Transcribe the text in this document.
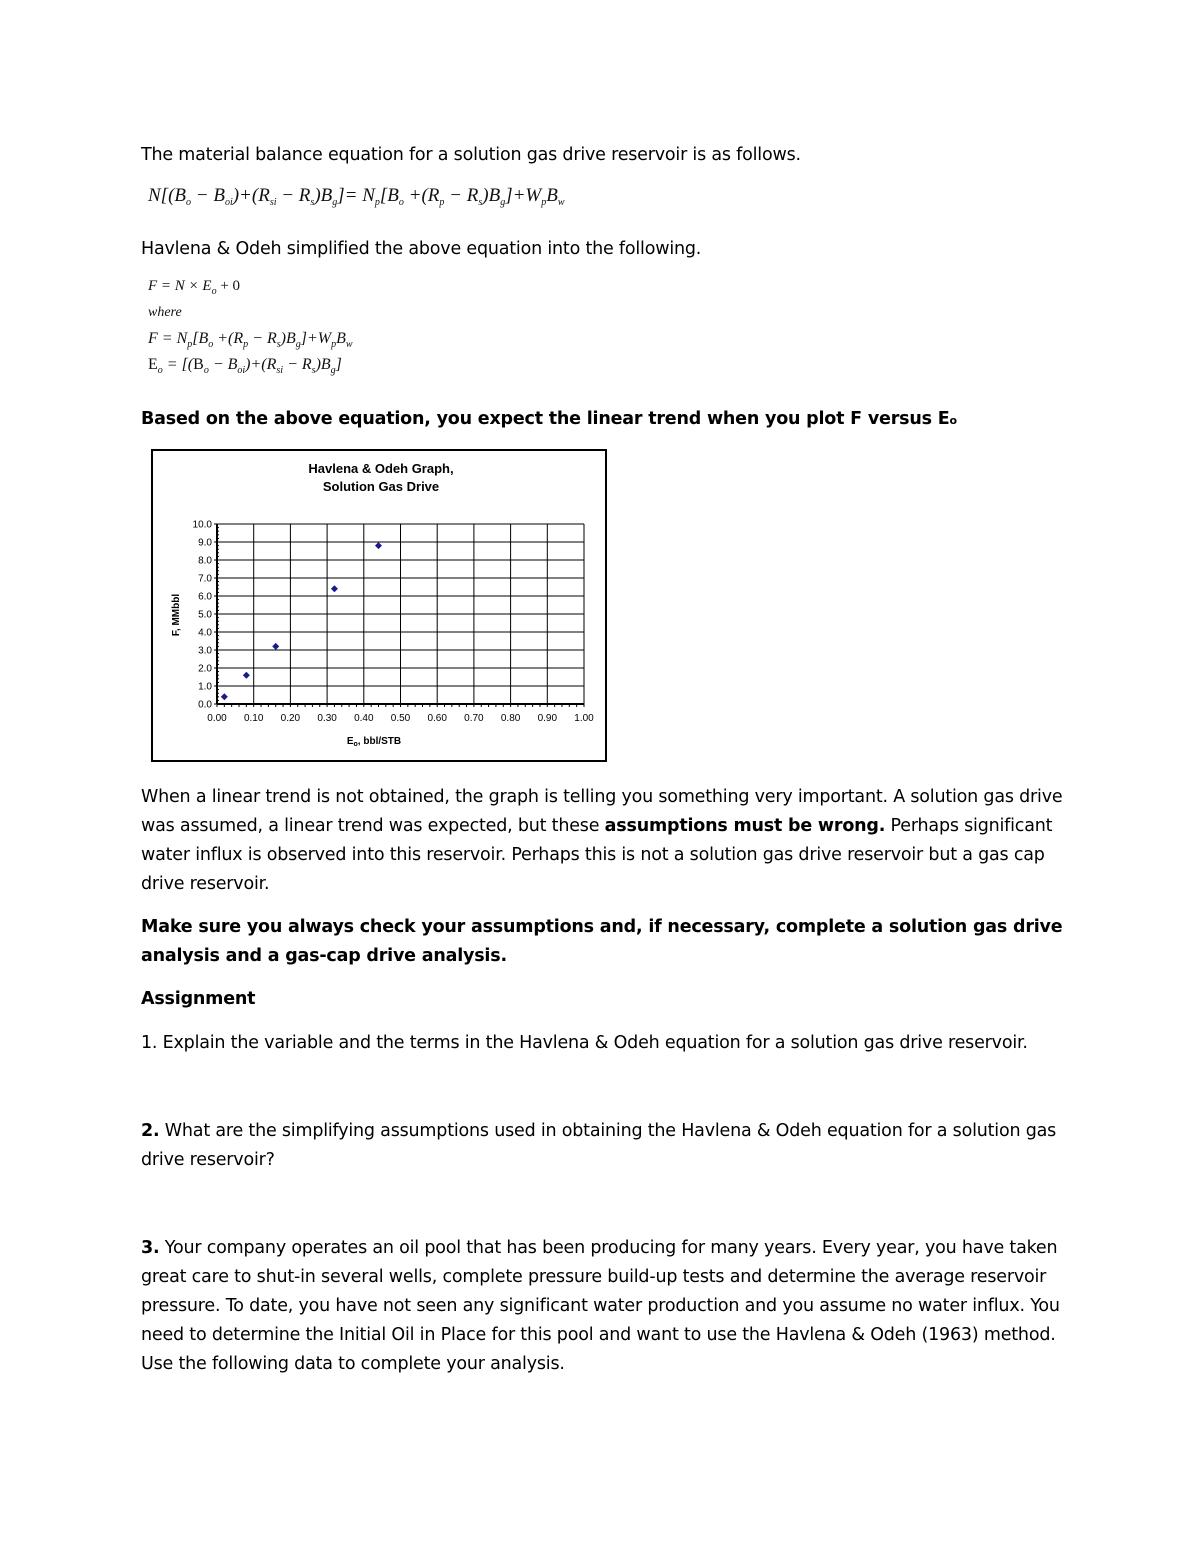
The material balance equation for a solution gas drive reservoir is as follows.
$N[(B_o - B_{oi})+(R_{si} - R_s)B_g]= N_p[B_o +(R_p - R_s)B_g]+W_pB_w$
Havlena & Odeh simplified the above equation into the following.
$F = N \times E_o + 0$
where
$F = N_p[B_o +(R_p - R_s)B_g]+W_pB_w$
$E_o = [(B_o - B_{oi})+(R_{si} - R_s)B_g]$
Based on the above equation, you expect the linear trend when you plot F versus Eo
Havlena & Odeh Graph,
Solution Gas Drive
0.00 0.10 0.20 0.30 0.40 0.50 0.60 0.70 0.80 0.90 1.00
0.0
1.0
2.0
3.0
4.0
5.0
6.0
7.0
8.0
9.0
10.0
$E_o$, bbl/STB
F, MMbbl
When a linear trend is not obtained, the graph is telling you something very important. A solution gas drive was assumed, a linear trend was expected, but these assumptions must be wrong. Perhaps significant water influx is observed into this reservoir. Perhaps this is not a solution gas drive reservoir but a gas cap drive reservoir.
Make sure you always check your assumptions and, if necessary, complete a solution gas drive analysis and a gas-cap drive analysis.
Assignment
1. Explain the variable and the terms in the Havlena & Odeh equation for a solution gas drive reservoir.
2. What are the simplifying assumptions used in obtaining the Havlena & Odeh equation for a solution gas drive reservoir?
3. Your company operates an oil pool that has been producing for many years. Every year, you have taken great care to shut-in several wells, complete pressure build-up tests and determine the average reservoir pressure. To date, you have not seen any significant water production and you assume no water influx. You need to determine the Initial Oil in Place for this pool and want to use the Havlena & Odeh (1963) method. Use the following data to complete your analysis.
